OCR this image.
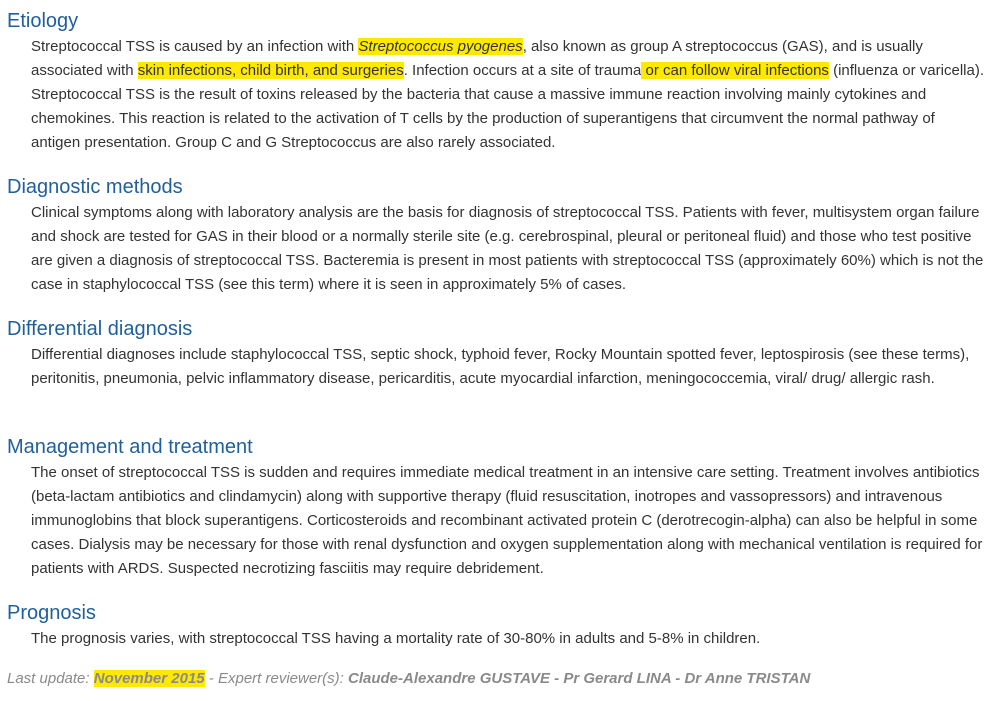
Etiology

Streptococcal TSS is caused by an infection with Streptococcus pyogenes, also known as group A streptococcus (GAS), and is usually associated with skin infections, child birth, and surgeries. Infection occurs at a site of trauma or can follow viral infections (influenza or varicella). Streptococcal TSS is the result of toxins released by the bacteria that cause a massive immune reaction involving mainly cytokines and chemokines. This reaction is related to the activation of T cells by the production of superantigens that circumvent the normal pathway of antigen presentation. Group C and G Streptococcus are also rarely associated.

Diagnostic methods

Clinical symptoms along with laboratory analysis are the basis for diagnosis of streptococcal TSS. Patients with fever, multisystem organ failure and shock are tested for GAS in their blood or a normally sterile site (e.g. cerebrospinal, pleural or peritoneal fluid) and those who test positive are given a diagnosis of streptococcal TSS. Bacteremia is present in most patients with streptococcal TSS (approximately 60%) which is not the case in staphylococcal TSS (see this term) where it is seen in approximately 5% of cases.

Differential diagnosis

Differential diagnoses include staphylococcal TSS, septic shock, typhoid fever, Rocky Mountain spotted fever, leptospirosis (see these terms), peritonitis, pneumonia, pelvic inflammatory disease, pericarditis, acute myocardial infarction, meningococcemia, viral/ drug/ allergic rash.

Management and treatment

The onset of streptococcal TSS is sudden and requires immediate medical treatment in an intensive care setting. Treatment involves antibiotics (beta-lactam antibiotics and clindamycin) along with supportive therapy (fluid resuscitation, inotropes and vassopressors) and intravenous immunoglobins that block superantigens. Corticosteroids and recombinant activated protein C (derotrecogin-alpha) can also be helpful in some cases. Dialysis may be necessary for those with renal dysfunction and oxygen supplementation along with mechanical ventilation is required for patients with ARDS. Suspected necrotizing fasciitis may require debridement.

Prognosis

The prognosis varies, with streptococcal TSS having a mortality rate of 30-80% in adults and 5-8% in children.

Last update: November 2015 - Expert reviewer(s): Claude-Alexandre GUSTAVE - Pr Gerard LINA - Dr Anne TRISTAN
